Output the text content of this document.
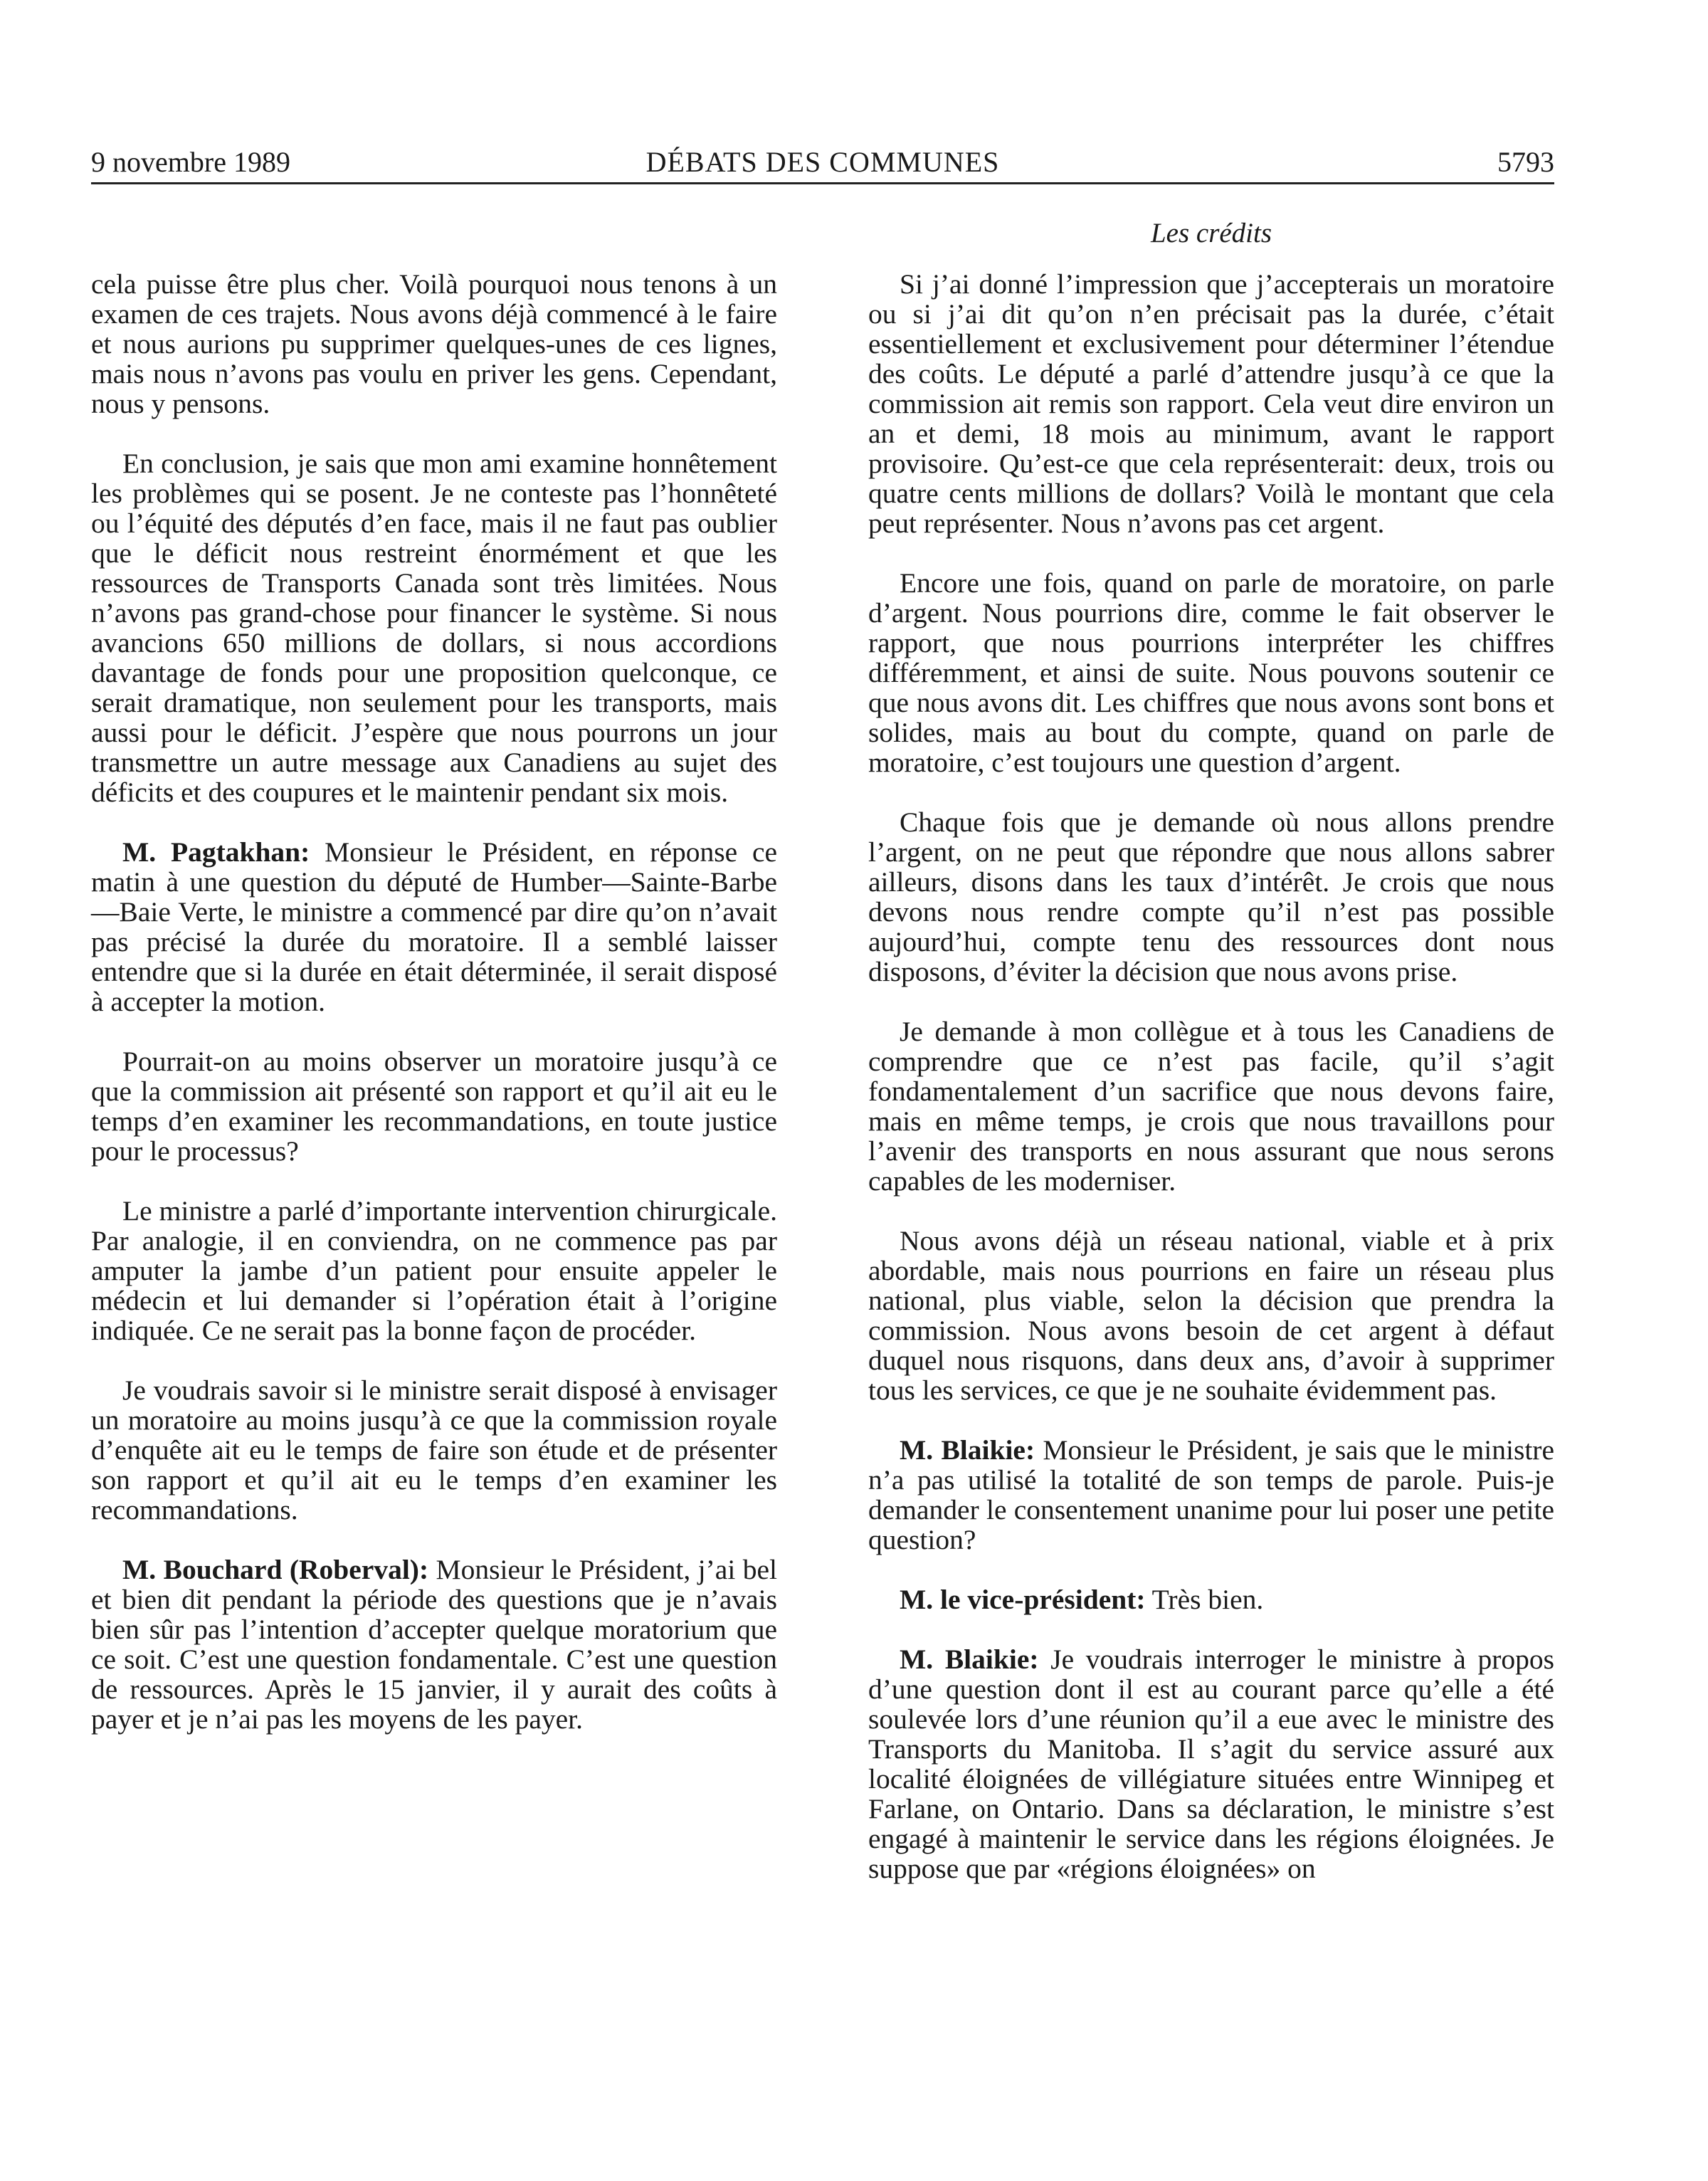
9 novembre 1989	DÉBATS DES COMMUNES	5793
Les crédits

cela puisse être plus cher. Voilà pourquoi nous tenons à un examen de ces trajets. Nous avons déjà commencé à le faire et nous aurions pu supprimer quelques-unes de ces lignes, mais nous n’avons pas voulu en priver les gens. Cependant, nous y pensons.

En conclusion, je sais que mon ami examine honnêtement les problèmes qui se posent. Je ne conteste pas l’honnêteté ou l’équité des députés d’en face, mais il ne faut pas oublier que le déficit nous restreint énormément et que les ressources de Transports Canada sont très limitées. Nous n’avons pas grand-chose pour financer le système. Si nous avancions 650 millions de dollars, si nous accordions davantage de fonds pour une proposition quelconque, ce serait dramatique, non seulement pour les transports, mais aussi pour le déficit. J’espère que nous pourrons un jour transmettre un autre message aux Canadiens au sujet des déficits et des coupures et le maintenir pendant six mois.

M. Pagtakhan: Monsieur le Président, en réponse ce matin à une question du député de Humber—Sainte-Barbe—Baie Verte, le ministre a commencé par dire qu’on n’avait pas précisé la durée du moratoire. Il a semblé laisser entendre que si la durée en était déterminée, il serait disposé à accepter la motion.

Pourrait-on au moins observer un moratoire jusqu’à ce que la commission ait présenté son rapport et qu’il ait eu le temps d’en examiner les recommandations, en toute justice pour le processus?

Le ministre a parlé d’importante intervention chirurgicale. Par analogie, il en conviendra, on ne commence pas par amputer la jambe d’un patient pour ensuite appeler le médecin et lui demander si l’opération était à l’origine indiquée. Ce ne serait pas la bonne façon de procéder.

Je voudrais savoir si le ministre serait disposé à envisager un moratoire au moins jusqu’à ce que la commission royale d’enquête ait eu le temps de faire son étude et de présenter son rapport et qu’il ait eu le temps d’en examiner les recommandations.

M. Bouchard (Roberval): Monsieur le Président, j’ai bel et bien dit pendant la période des questions que je n’avais bien sûr pas l’intention d’accepter quelque moratorium que ce soit. C’est une question fondamentale. C’est une question de ressources. Après le 15 janvier, il y aurait des coûts à payer et je n’ai pas les moyens de les payer.

Si j’ai donné l’impression que j’accepterais un moratoire ou si j’ai dit qu’on n’en précisait pas la durée, c’était essentiellement et exclusivement pour déterminer l’étendue des coûts. Le député a parlé d’attendre jusqu’à ce que la commission ait remis son rapport. Cela veut dire environ un an et demi, 18 mois au minimum, avant le rapport provisoire. Qu’est-ce que cela représenterait: deux, trois ou quatre cents millions de dollars? Voilà le montant que cela peut représenter. Nous n’avons pas cet argent.

Encore une fois, quand on parle de moratoire, on parle d’argent. Nous pourrions dire, comme le fait observer le rapport, que nous pourrions interpréter les chiffres différemment, et ainsi de suite. Nous pouvons soutenir ce que nous avons dit. Les chiffres que nous avons sont bons et solides, mais au bout du compte, quand on parle de moratoire, c’est toujours une question d’argent.

Chaque fois que je demande où nous allons prendre l’argent, on ne peut que répondre que nous allons sabrer ailleurs, disons dans les taux d’intérêt. Je crois que nous devons nous rendre compte qu’il n’est pas possible aujourd’hui, compte tenu des ressources dont nous disposons, d’éviter la décision que nous avons prise.

Je demande à mon collègue et à tous les Canadiens de comprendre que ce n’est pas facile, qu’il s’agit fondamentalement d’un sacrifice que nous devons faire, mais en même temps, je crois que nous travaillons pour l’avenir des transports en nous assurant que nous serons capables de les moderniser.

Nous avons déjà un réseau national, viable et à prix abordable, mais nous pourrions en faire un réseau plus national, plus viable, selon la décision que prendra la commission. Nous avons besoin de cet argent à défaut duquel nous risquons, dans deux ans, d’avoir à supprimer tous les services, ce que je ne souhaite évidemment pas.

M. Blaikie: Monsieur le Président, je sais que le ministre n’a pas utilisé la totalité de son temps de parole. Puis-je demander le consentement unanime pour lui poser une petite question?

M. le vice-président: Très bien.

M. Blaikie: Je voudrais interroger le ministre à propos d’une question dont il est au courant parce qu’elle a été soulevée lors d’une réunion qu’il a eue avec le ministre des Transports du Manitoba. Il s’agit du service assuré aux localité éloignées de villégiature situées entre Winnipeg et Farlane, on Ontario. Dans sa déclaration, le ministre s’est engagé à maintenir le service dans les régions éloignées. Je suppose que par «régions éloignées» on
